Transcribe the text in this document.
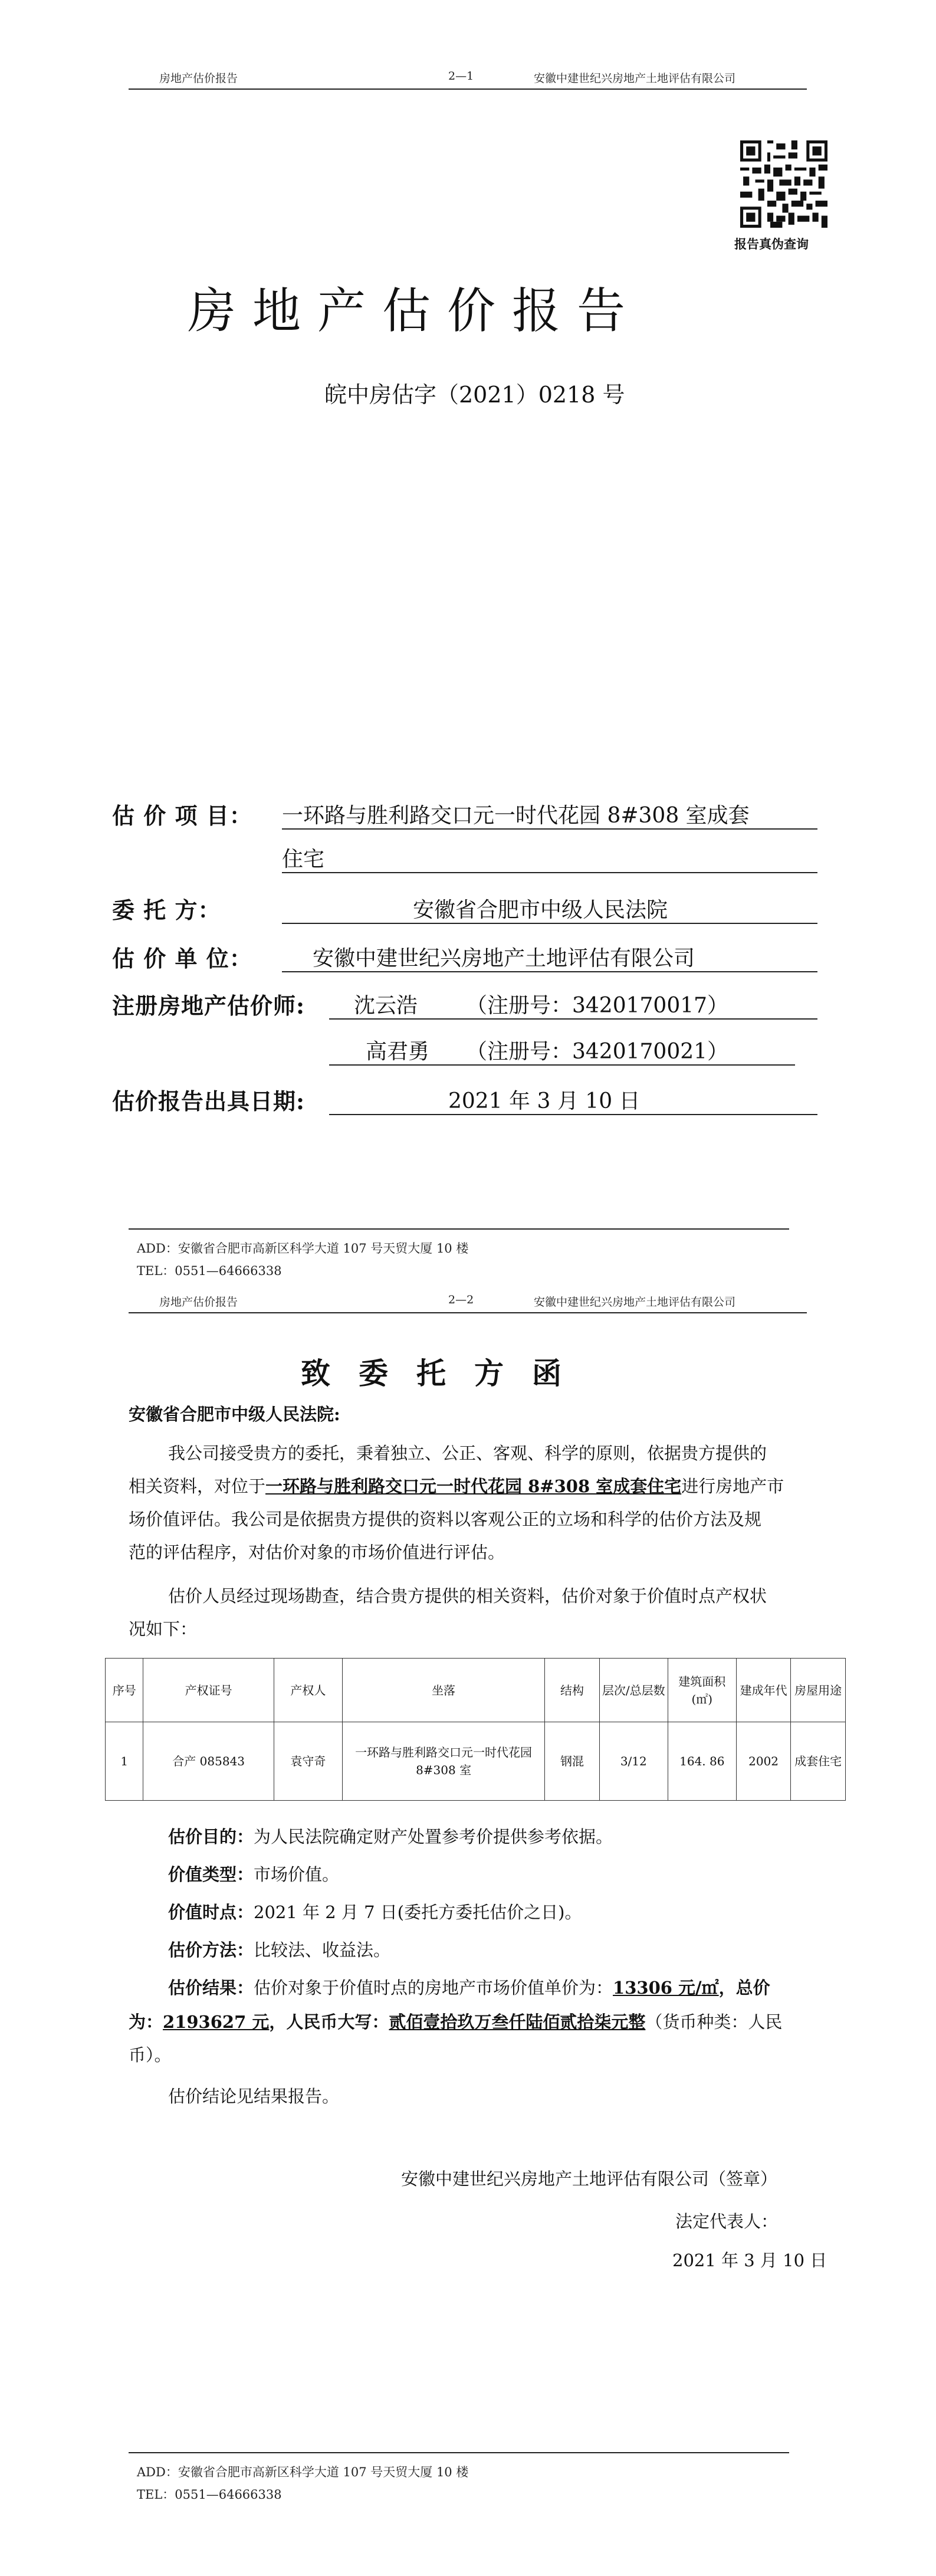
房地产估价报告	2—1	安徽中建世纪兴房地产土地评估有限公司
报告真伪查询
房地产估价报告
皖中房估字（2021）0218 号
估 价 项 目： 一环路与胜利路交口元一时代花园 8#308 室成套
住宅
委 托 方：	安徽省合肥市中级人民法院
估 价 单 位：	安徽中建世纪兴房地产土地评估有限公司
注册房地产估价师: 沈云浩 （注册号：3420170017）
高君勇 （注册号：3420170021）
估价报告出具日期:	2021 年 3 月 10 日
ADD：安徽省合肥市高新区科学大道 107 号天贸大厦 10 楼
TEL：0551—64666338
房地产估价报告	2—2	安徽中建世纪兴房地产土地评估有限公司
致委托方函
安徽省合肥市中级人民法院:
我公司接受贵方的委托，秉着独立、公正、客观、科学的原则，依据贵方提供的
相关资料，对位于一环路与胜利路交口元一时代花园 8#308 室成套住宅进行房地产市
场价值评估。我公司是依据贵方提供的资料以客观公正的立场和科学的估价方法及规
范的评估程序，对估价对象的市场价值进行评估。
估价人员经过现场勘查，结合贵方提供的相关资料，估价对象于价值时点产权状
况如下：
序号	产权证号	产权人	坐落	结构	层次/总层数	建筑面积(㎡)	建成年代	房屋用途
1	合产 085843	袁守奇	一环路与胜利路交口元一时代花园 8#308 室	钢混	3/12	164. 86	2002	成套住宅
估价目的：为人民法院确定财产处置参考价提供参考依据。
价值类型：市场价值。
价值时点：2021 年 2 月 7 日(委托方委托估价之日)。
估价方法：比较法、收益法。
估价结果：估价对象于价值时点的房地产市场价值单价为：13306 元/㎡，总价
为：2193627 元，人民币大写：贰佰壹拾玖万叁仟陆佰贰拾柒元整（货币种类：人民
币）。
估价结论见结果报告。
安徽中建世纪兴房地产土地评估有限公司（签章）
法定代表人：
2021 年 3 月 10 日
ADD：安徽省合肥市高新区科学大道 107 号天贸大厦 10 楼
TEL：0551—64666338
